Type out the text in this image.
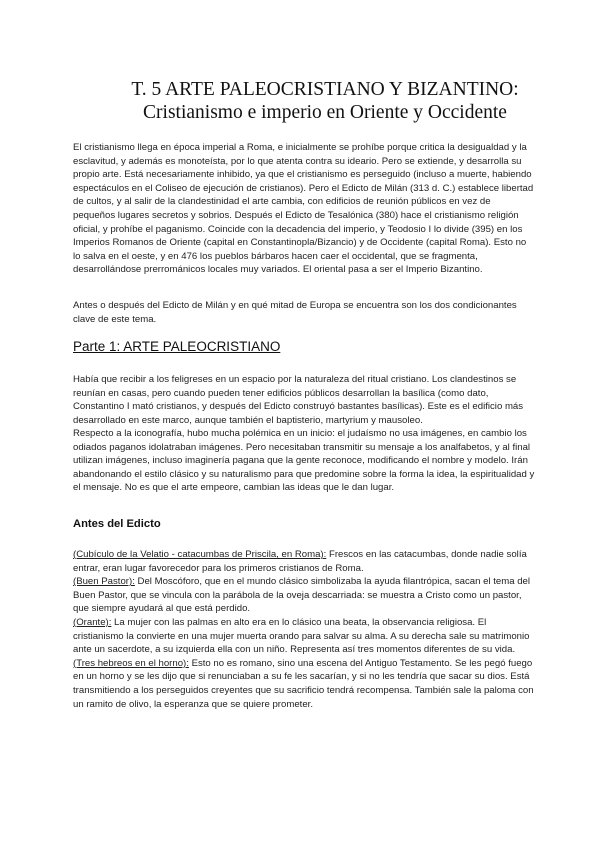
T. 5 ARTE PALEOCRISTIANO Y BIZANTINO:
Cristianismo e imperio en Oriente y Occidente

El cristianismo llega en época imperial a Roma, e inicialmente se prohíbe porque critica la desigualdad y la esclavitud, y además es monoteísta, por lo que atenta contra su ideario. Pero se extiende, y desarrolla su propio arte. Está necesariamente inhibido, ya que el cristianismo es perseguido (incluso a muerte, habiendo espectáculos en el Coliseo de ejecución de cristianos). Pero el Edicto de Milán (313 d. C.) establece libertad de cultos, y al salir de la clandestinidad el arte cambia, con edificios de reunión públicos en vez de pequeños lugares secretos y sobrios. Después el Edicto de Tesalónica (380) hace el cristianismo religión oficial, y prohíbe el paganismo. Coincide con la decadencia del imperio, y Teodosio I lo divide (395) en los Imperios Romanos de Oriente (capital en Constantinopla/Bizancio) y de Occidente (capital Roma). Esto no lo salva en el oeste, y en 476 los pueblos bárbaros hacen caer el occidental, que se fragmenta, desarrollándose prerrománicos locales muy variados. El oriental pasa a ser el Imperio Bizantino.

Antes o después del Edicto de Milán y en qué mitad de Europa se encuentra son los dos condicionantes clave de este tema.

Parte 1: ARTE PALEOCRISTIANO

Había que recibir a los feligreses en un espacio por la naturaleza del ritual cristiano. Los clandestinos se reunían en casas, pero cuando pueden tener edificios públicos desarrollan la basílica (como dato, Constantino I mató cristianos, y después del Edicto construyó bastantes basílicas). Este es el edificio más desarrollado en este marco, aunque también el baptisterio, martyrium y mausoleo.

Respecto a la iconografía, hubo mucha polémica en un inicio: el judaísmo no usa imágenes, en cambio los odiados paganos idolatraban imágenes. Pero necesitaban transmitir su mensaje a los analfabetos, y al final utilizan imágenes, incluso imaginería pagana que la gente reconoce, modificando el nombre y modelo. Irán abandonando el estilo clásico y su naturalismo para que predomine sobre la forma la idea, la espiritualidad y el mensaje. No es que el arte empeore, cambian las ideas que le dan lugar.

Antes del Edicto

(Cubículo de la Velatio - catacumbas de Priscila, en Roma): Frescos en las catacumbas, donde nadie solía entrar, eran lugar favorecedor para los primeros cristianos de Roma.

(Buen Pastor): Del Moscóforo, que en el mundo clásico simbolizaba la ayuda filantrópica, sacan el tema del Buen Pastor, que se vincula con la parábola de la oveja descarriada: se muestra a Cristo como un pastor, que siempre ayudará al que está perdido.

(Orante): La mujer con las palmas en alto era en lo clásico una beata, la observancia religiosa. El cristianismo la convierte en una mujer muerta orando para salvar su alma. A su derecha sale su matrimonio ante un sacerdote, a su izquierda ella con un niño. Representa así tres momentos diferentes de su vida.

(Tres hebreos en el horno): Esto no es romano, sino una escena del Antiguo Testamento. Se les pegó fuego en un horno y se les dijo que si renunciaban a su fe les sacarían, y si no les tendría que sacar su dios. Está transmitiendo a los perseguidos creyentes que su sacrificio tendrá recompensa. También sale la paloma con un ramito de olivo, la esperanza que se quiere prometer.
